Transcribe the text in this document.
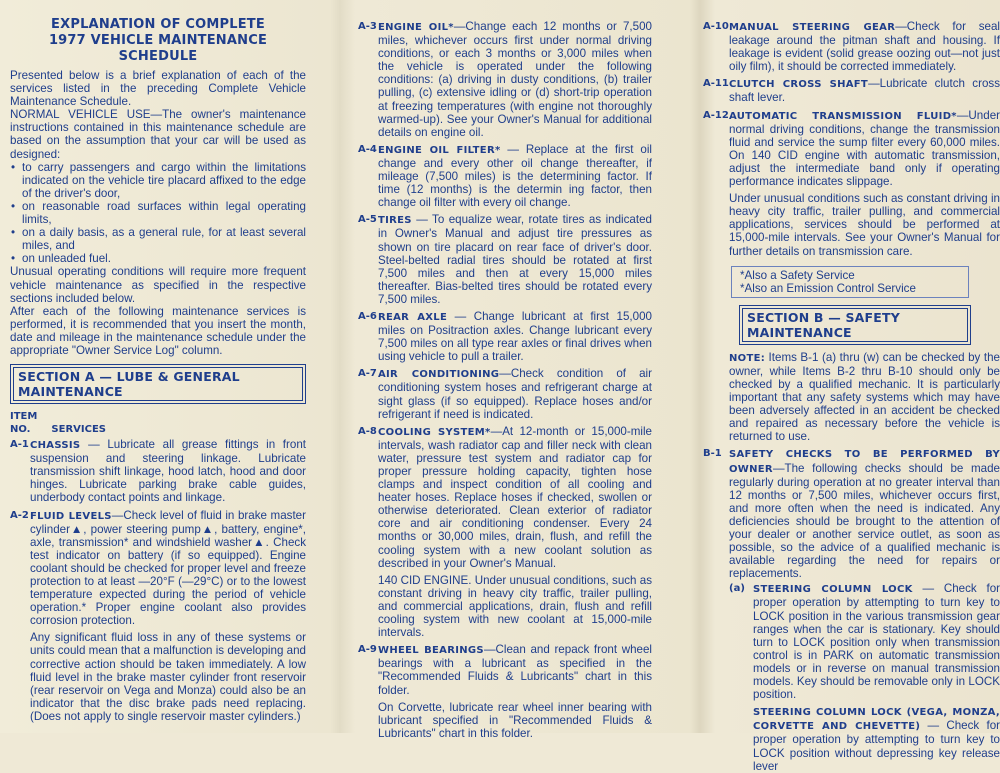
EXPLANATION OF COMPLETE
1977 VEHICLE MAINTENANCE SCHEDULE

Presented below is a brief explanation of each of the services listed in the preceding Complete Vehicle Maintenance Schedule.

NORMAL VEHICLE USE—The owner's maintenance instructions contained in this maintenance schedule are based on the assumption that your car will be used as designed:

• to carry passengers and cargo within the limitations indicated on the vehicle tire placard affixed to the edge of the driver's door,
• on reasonable road surfaces within legal operating limits,
• on a daily basis, as a general rule, for at least several miles, and
• on unleaded fuel.

Unusual operating conditions will require more frequent vehicle maintenance as specified in the respective sections included below.

After each of the following maintenance services is performed, it is recommended that you insert the month, date and mileage in the maintenance schedule under the appropriate "Owner Service Log" column.

SECTION A — LUBE & GENERAL MAINTENANCE
ITEM
NO. SERVICES
A-1 CHASSIS — Lubricate all grease fittings in front suspension and steering linkage. Lubricate transmission shift linkage, hood latch, hood and door hinges. Lubricate parking brake cable guides, underbody contact points and linkage.

A-2 FLUID LEVELS—Check level of fluid in brake master cylinder▲, power steering pump▲, battery, engine*, axle, transmission* and windshield washer▲. Check test indicator on battery (if so equipped). Engine coolant should be checked for proper level and freeze protection to at least —20°F (—29°C) or to the lowest temperature expected during the period of vehicle operation.* Proper engine coolant also provides corrosion protection.

Any significant fluid loss in any of these systems or units could mean that a malfunction is developing and corrective action should be taken immediately. A low fluid level in the brake master cylinder front reservoir (rear reservoir on Vega and Monza) could also be an indicator that the disc brake pads need replacing. (Does not apply to single reservoir master cylinders.)

A-3 ENGINE OIL*—Change each 12 months or 7,500 miles, whichever occurs first under normal driving conditions, or each 3 months or 3,000 miles when the vehicle is operated under the following conditions: (a) driving in dusty conditions, (b) trailer pulling, (c) extensive idling or (d) short-trip operation at freezing temperatures (with engine not thoroughly warmed-up). See your Owner's Manual for additional details on engine oil.

A-4 ENGINE OIL FILTER* — Replace at the first oil change and every other oil change thereafter, if mileage (7,500 miles) is the determining factor. If time (12 months) is the determin ing factor, then change oil filter with every oil change.

A-5 TIRES — To equalize wear, rotate tires as indicated in Owner's Manual and adjust tire pressures as shown on tire placard on rear face of driver's door. Steel-belted radial tires should be rotated at first 7,500 miles and then at every 15,000 miles thereafter. Bias-belted tires should be rotated every 7,500 miles.

A-6 REAR AXLE — Change lubricant at first 15,000 miles on Positraction axles. Change lubricant every 7,500 miles on all type rear axles or final drives when using vehicle to pull a trailer.

A-7 AIR CONDITIONING—Check condition of air conditioning system hoses and refrigerant charge at sight glass (if so equipped). Replace hoses and/or refrigerant if need is indicated.

A-8 COOLING SYSTEM*—At 12-month or 15,000-mile intervals, wash radiator cap and filler neck with clean water, pressure test system and radiator cap for proper pressure holding capacity, tighten hose clamps and inspect condition of all cooling and heater hoses. Replace hoses if checked, swollen or otherwise deteriorated. Clean exterior of radiator core and air conditioning condenser. Every 24 months or 30,000 miles, drain, flush, and refill the cooling system with a new coolant solution as described in your Owner's Manual.

140 CID ENGINE. Under unusual conditions, such as constant driving in heavy city traffic, trailer pulling, and commercial applications, drain, flush and refill cooling system with new coolant at 15,000-mile intervals.

A-9 WHEEL BEARINGS—Clean and repack front wheel bearings with a lubricant as specified in the "Recommended Fluids & Lubricants" chart in this folder.

On Corvette, lubricate rear wheel inner bearing with lubricant specified in "Recommended Fluids & Lubricants" chart in this folder.

A-10 MANUAL STEERING GEAR—Check for seal leakage around the pitman shaft and housing. If leakage is evident (solid grease oozing out—not just oily film), it should be corrected immediately.

A-11 CLUTCH CROSS SHAFT—Lubricate clutch cross shaft lever.

A-12 AUTOMATIC TRANSMISSION FLUID*—Under normal driving conditions, change the transmission fluid and service the sump filter every 60,000 miles. On 140 CID engine with automatic transmission, adjust the intermediate band only if operating performance indicates slippage.

Under unusual conditions such as constant driving in heavy city traffic, trailer pulling, and commercial applications, services should be performed at 15,000-mile intervals. See your Owner's Manual for further details on transmission care.

*Also a Safety Service
*Also an Emission Control Service
SECTION B — SAFETY MAINTENANCE

NOTE: Items B-1 (a) thru (w) can be checked by the owner, while Items B-2 thru B-10 should only be checked by a qualified mechanic. It is particularly important that any safety systems which may have been adversely affected in an accident be checked and repaired as necessary before the vehicle is returned to use.

B-1 SAFETY CHECKS TO BE PERFORMED BY OWNER—The following checks should be made regularly during operation at no greater interval than 12 months or 7,500 miles, whichever occurs first, and more often when the need is indicated. Any deficiencies should be brought to the attention of your dealer or another service outlet, as soon as possible, so the advice of a qualified mechanic is available regarding the need for repairs or replacements.

(a) STEERING COLUMN LOCK — Check for proper operation by attempting to turn key to LOCK position in the various transmission gear ranges when the car is stationary. Key should turn to LOCK position only when transmission control is in PARK on automatic transmission models or in reverse on manual transmission models. Key should be removable only in LOCK position.

STEERING COLUMN LOCK (VEGA, MONZA, CORVETTE AND CHEVETTE) — Check for proper operation by attempting to turn key to LOCK position without depressing key release lever
